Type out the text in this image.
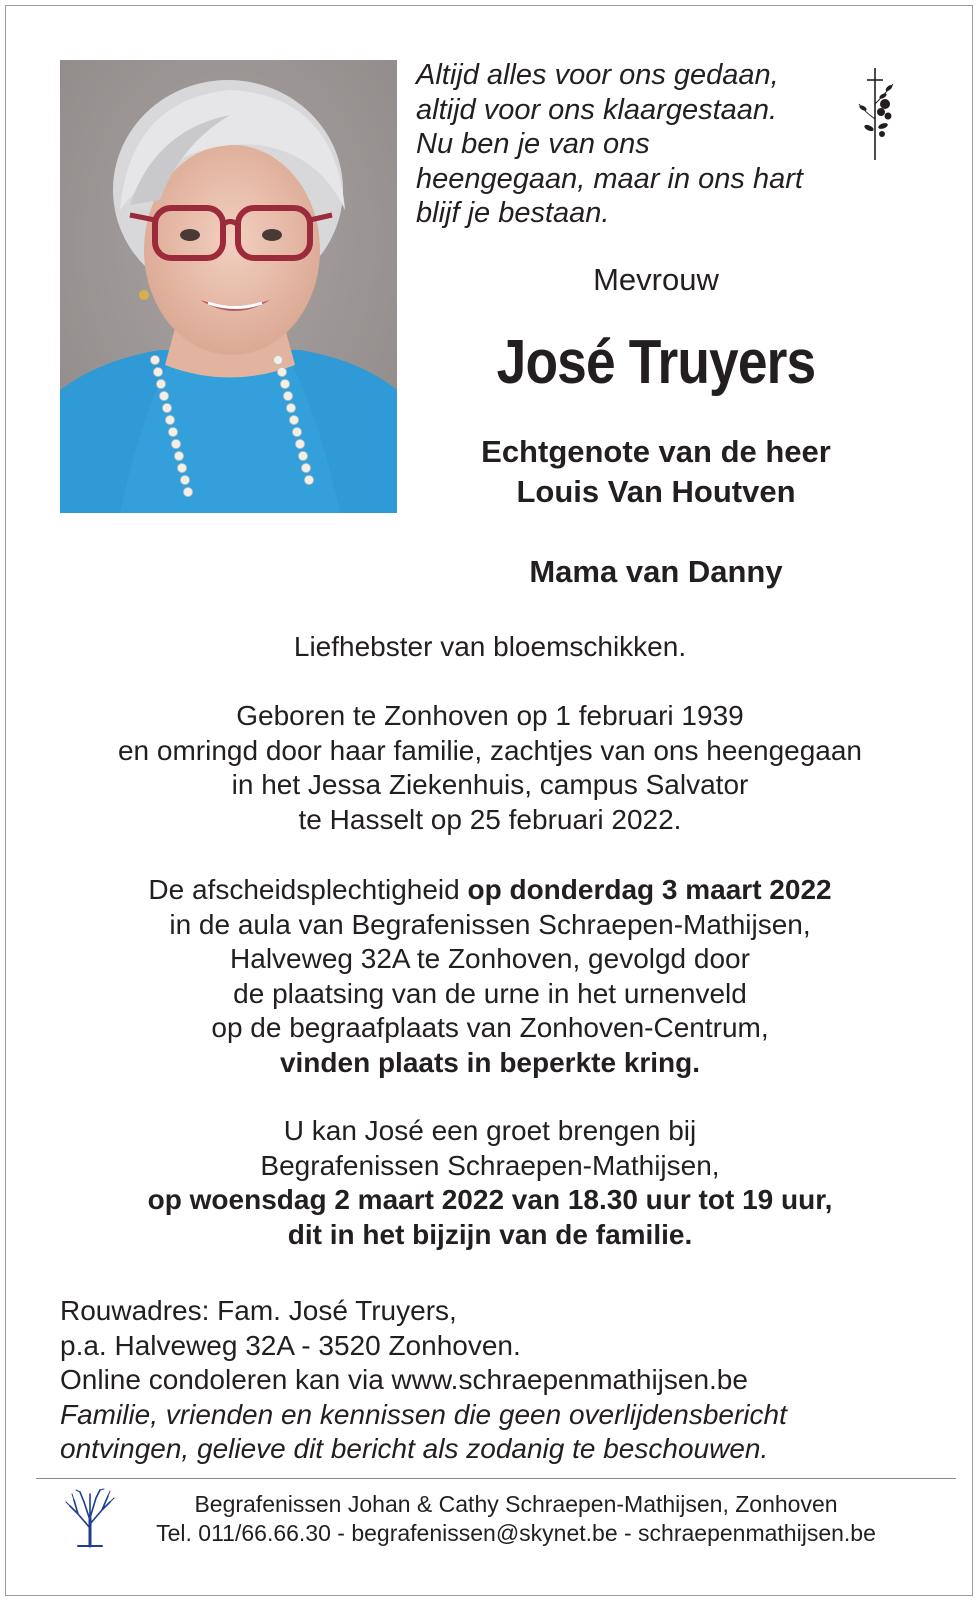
Altijd alles voor ons gedaan,
altijd voor ons klaargestaan.
Nu ben je van ons
heengegaan, maar in ons hart
blijf je bestaan.

Mevrouw

José Truyers

Echtgenote van de heer
Louis Van Houtven

Mama van Danny

Liefhebster van bloemschikken.

Geboren te Zonhoven op 1 februari 1939
en omringd door haar familie, zachtjes van ons heengegaan
in het Jessa Ziekenhuis, campus Salvator
te Hasselt op 25 februari 2022.

De afscheidsplechtigheid op donderdag 3 maart 2022
in de aula van Begrafenissen Schraepen-Mathijsen,
Halveweg 32A te Zonhoven, gevolgd door
de plaatsing van de urne in het urnenveld
op de begraafplaats van Zonhoven-Centrum,
vinden plaats in beperkte kring.

U kan José een groet brengen bij
Begrafenissen Schraepen-Mathijsen,
op woensdag 2 maart 2022 van 18.30 uur tot 19 uur,
dit in het bijzijn van de familie.

Rouwadres: Fam. José Truyers,
p.a. Halveweg 32A - 3520 Zonhoven.
Online condoleren kan via www.schraepenmathijsen.be
Familie, vrienden en kennissen die geen overlijdensbericht
ontvingen, gelieve dit bericht als zodanig te beschouwen.

Begrafenissen Johan & Cathy Schraepen-Mathijsen, Zonhoven
Tel. 011/66.66.30 - begrafenissen@skynet.be - schraepenmathijsen.be
